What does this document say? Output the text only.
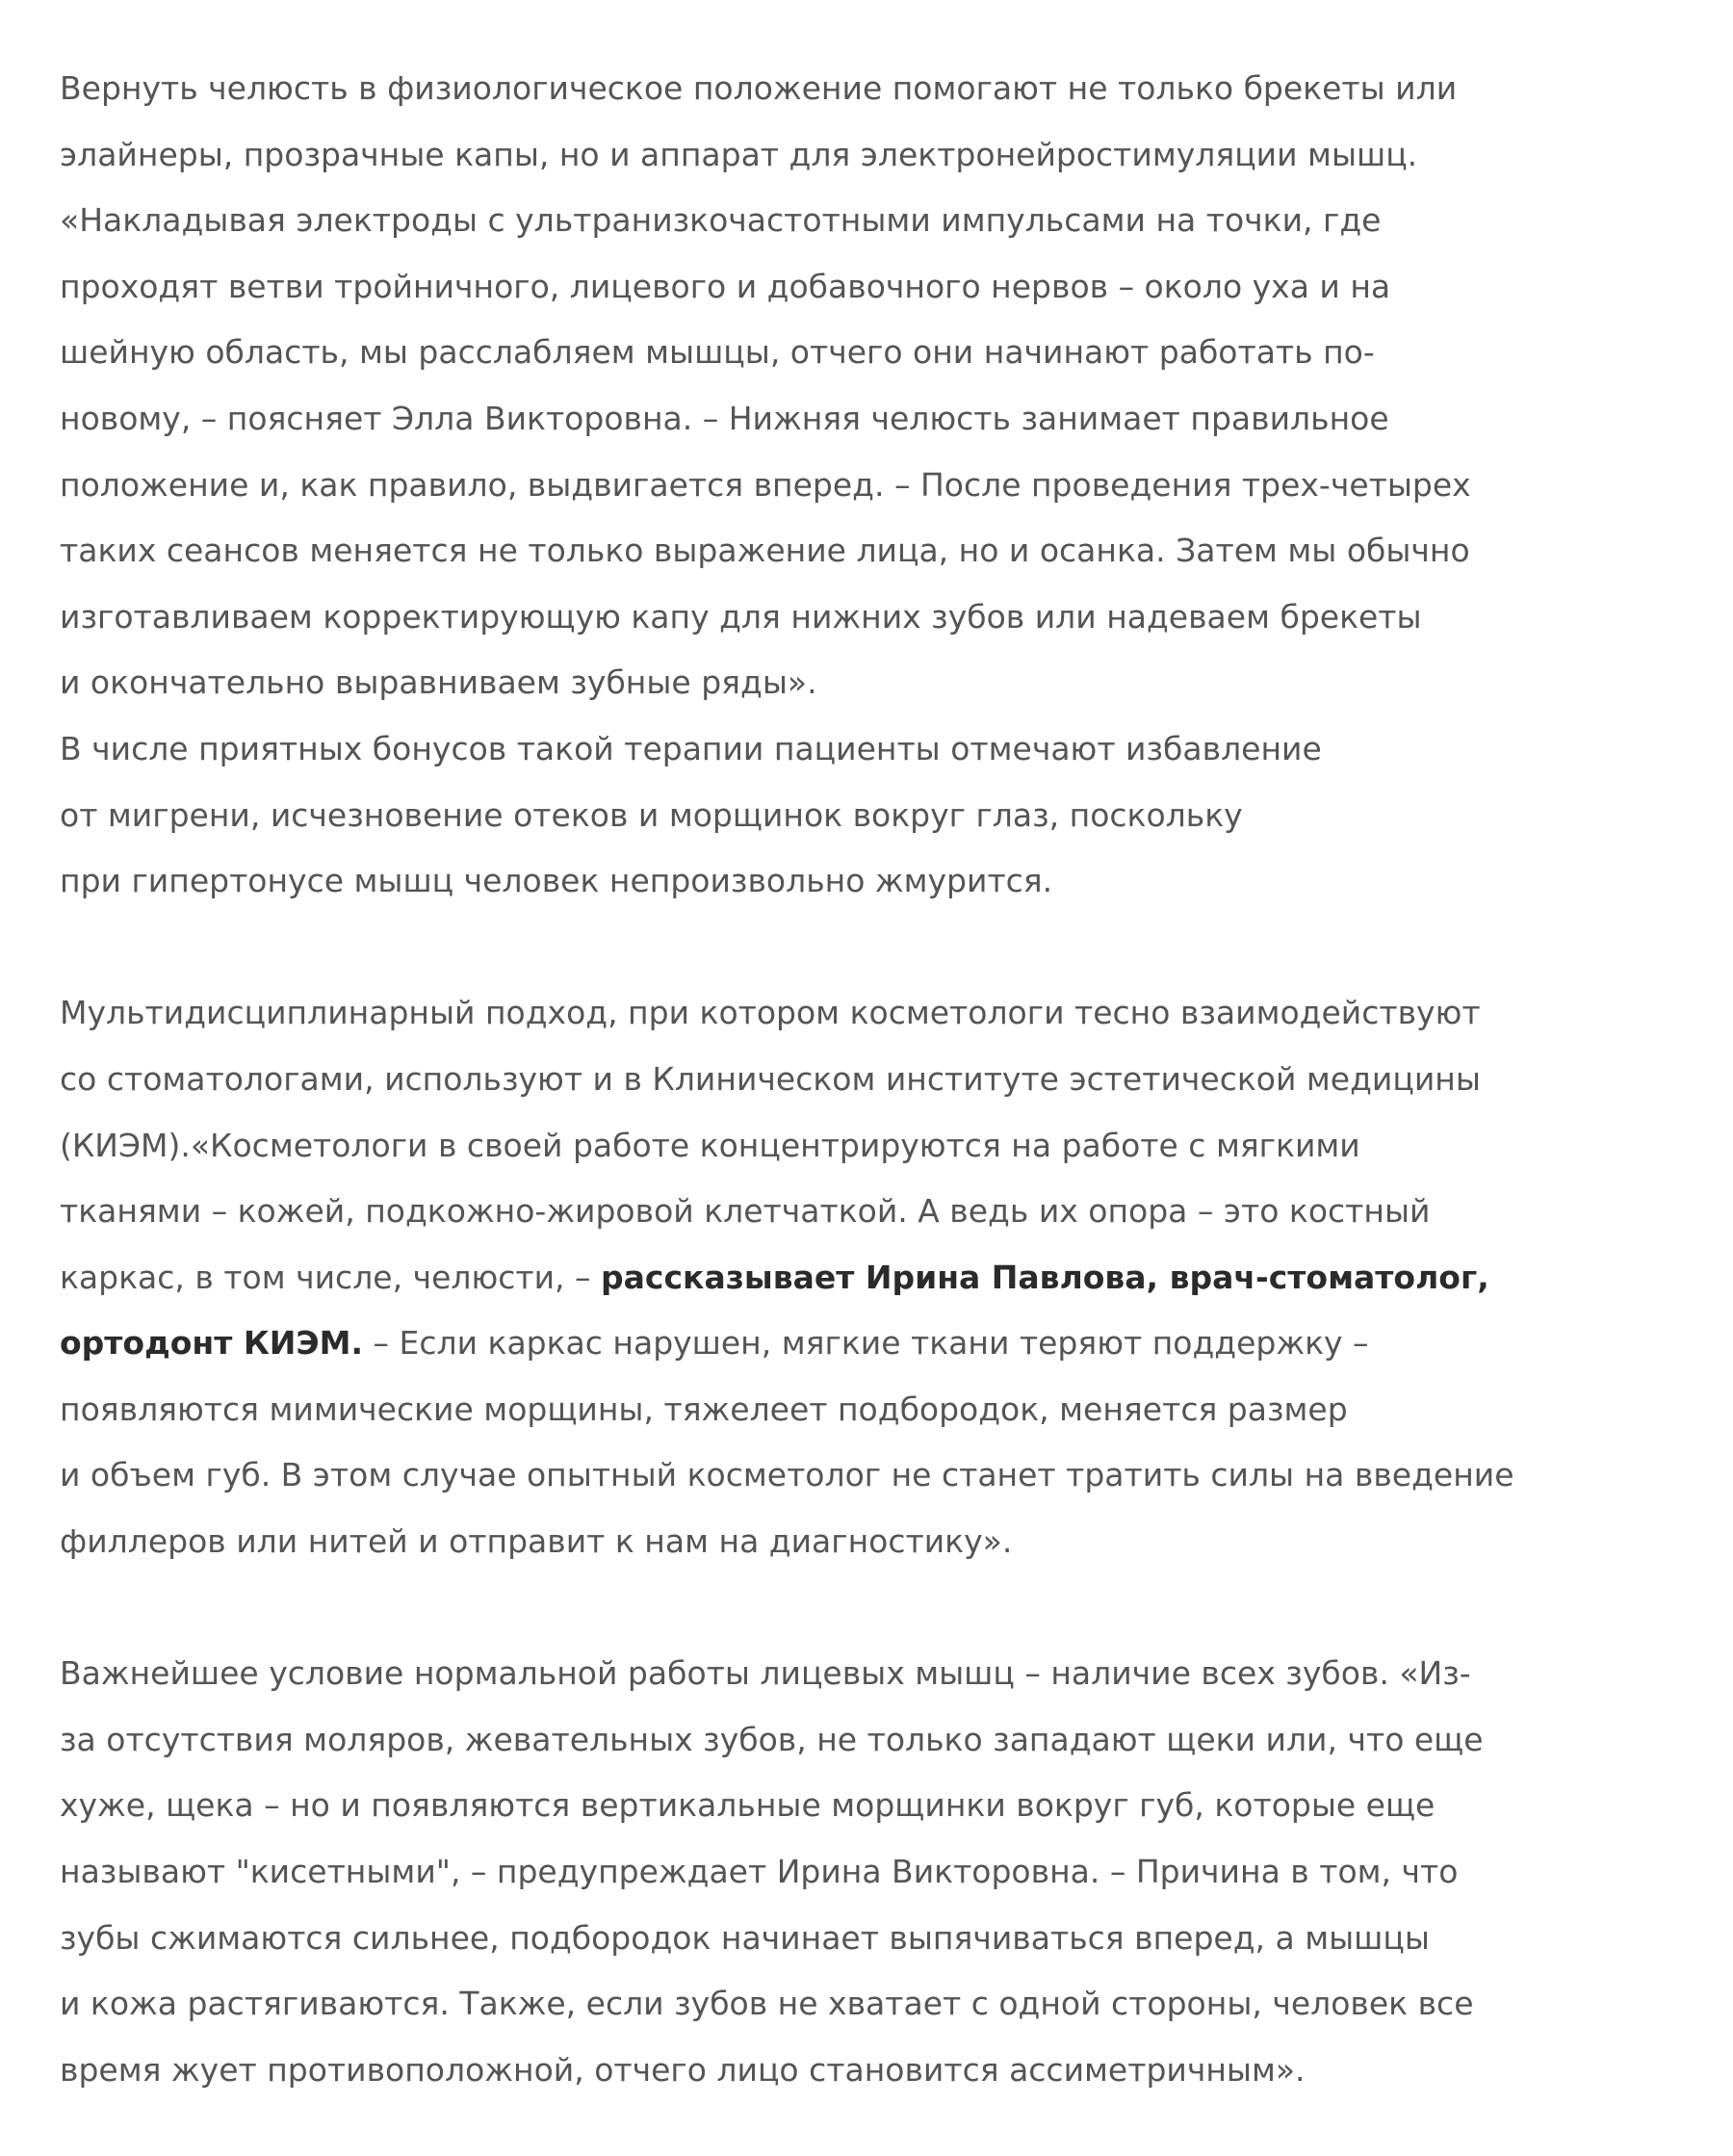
Вернуть челюсть в физиологическое положение помогают не только брекеты или
элайнеры, прозрачные капы, но и аппарат для электронейростимуляции мышц.
«Накладывая электроды с ультранизкочастотными импульсами на точки, где
проходят ветви тройничного, лицевого и добавочного нервов – около уха и на
шейную область, мы расслабляем мышцы, отчего они начинают работать по-
новому, – поясняет Элла Викторовна. – Нижняя челюсть занимает правильное
положение и, как правило, выдвигается вперед. – После проведения трех-четырех
таких сеансов меняется не только выражение лица, но и осанка. Затем мы обычно
изготавливаем корректирующую капу для нижних зубов или надеваем брекеты
и окончательно выравниваем зубные ряды».
В числе приятных бонусов такой терапии пациенты отмечают избавление
от мигрени, исчезновение отеков и морщинок вокруг глаз, поскольку
при гипертонусе мышц человек непроизвольно жмурится.

Мультидисциплинарный подход, при котором косметологи тесно взаимодействуют
со стоматологами, используют и в Клиническом институте эстетической медицины
(КИЭМ).«Косметологи в своей работе концентрируются на работе с мягкими
тканями – кожей, подкожно-жировой клетчаткой. А ведь их опора – это костный
каркас, в том числе, челюсти, – рассказывает Ирина Павлова, врач-стоматолог,
ортодонт КИЭМ. – Если каркас нарушен, мягкие ткани теряют поддержку –
появляются мимические морщины, тяжелеет подбородок, меняется размер
и объем губ. В этом случае опытный косметолог не станет тратить силы на введение
филлеров или нитей и отправит к нам на диагностику».

Важнейшее условие нормальной работы лицевых мышц – наличие всех зубов. «Из-
за отсутствия моляров, жевательных зубов, не только западают щеки или, что еще
хуже, щека – но и появляются вертикальные морщинки вокруг губ, которые еще
называют "кисетными", – предупреждает Ирина Викторовна. – Причина в том, что
зубы сжимаются сильнее, подбородок начинает выпячиваться вперед, а мышцы
и кожа растягиваются. Также, если зубов не хватает с одной стороны, человек все
время жует противоположной, отчего лицо становится ассиметричным».
